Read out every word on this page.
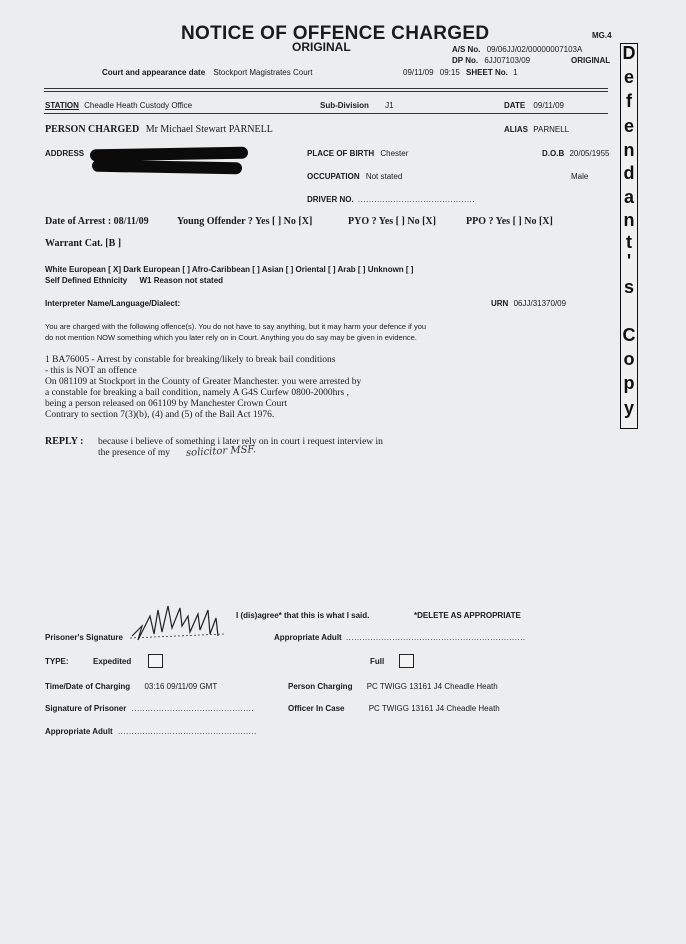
NOTICE OF OFFENCE CHARGED	MG.4
ORIGINAL	A/S No. 09/06JJ/02/00000007103A
DP No. 6JJ07103/09	ORIGINAL
Court and appearance date Stockport Magistrates Court	09/11/09 09:15 SHEET No. 1
STATION Cheadle Heath Custody Office	Sub-Division J1	DATE 09/11/09
PERSON CHARGED Mr Michael Stewart PARNELL	ALIAS PARNELL
ADDRESS	PLACE OF BIRTH Chester	D.O.B 20/05/1955
OCCUPATION Not stated	Male
DRIVER NO. ...........................................
Date of Arrest : 08/11/09	Young Offender ? Yes [ ] No [X]	PYO ? Yes [ ] No [X]	PPO ? Yes [ ] No [X]
Warrant Cat. [B ]
White European [ X] Dark European [ ] Afro-Caribbean [ ] Asian [ ] Oriental [ ] Arab [ ] Unknown [ ]
Self Defined Ethnicity W1 Reason not stated
Interpreter Name/Language/Dialect:	URN 06JJ/31370/09
You are charged with the following offence(s). You do not have to say anything, but it may harm your defence if you
do not mention NOW something which you later rely on in Court. Anything you do say may be given in evidence.
1 BA76005 - Arrest by constable for breaking/likely to break bail conditions
- this is NOT an offence
On 081109 at Stockport in the County of Greater Manchester. you were arrested by
a constable for breaking a bail condition, namely A G4S Curfew 0800-2000hrs ,
being a person released on 061109 by Manchester Crown Court
Contrary to section 7(3)(b), (4) and (5) of the Bail Act 1976.
REPLY : because i believe of something i later rely on in court i request interview in
the presence of my solicitor MSF.
I (dis)agree* that this is what I said.	*DELETE AS APPROPRIATE
Prisoner's Signature	Appropriate Adult ..................................................................
TYPE:	Expedited	Full
Time/Date of Charging 03:16 09/11/09 GMT	Person Charging PC TWIGG 13161 J4 Cheadle Heath
Signature of Prisoner .............................................	Officer In Case	PC TWIGG 13161 J4 Cheadle Heath
Appropriate Adult ...................................................
D
e
f
e
n
d
a
n
t
'
s
C
o
p
y
